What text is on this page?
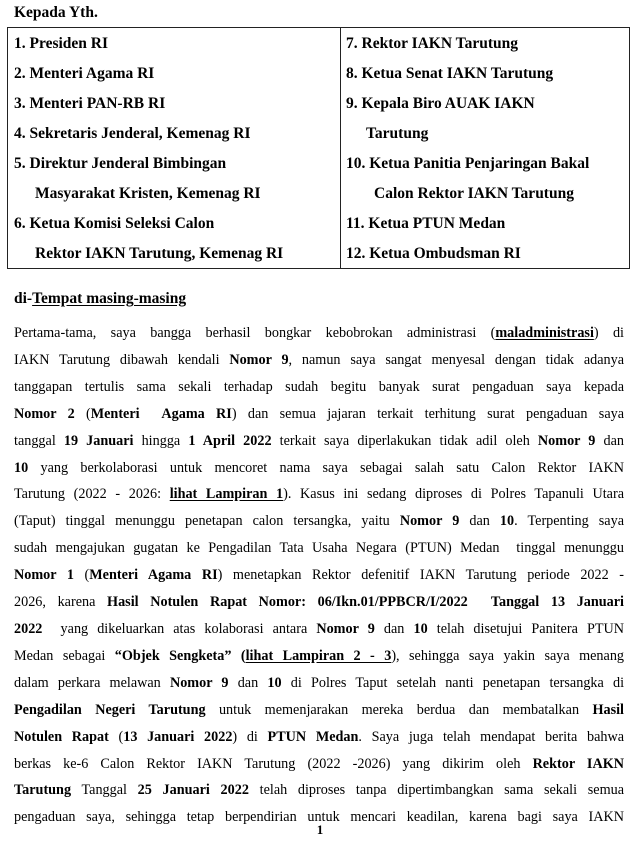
Kepada Yth.
1. Presiden RI
2. Menteri Agama RI
3. Menteri PAN-RB RI
4. Sekretaris Jenderal, Kemenag RI
5. Direktur Jenderal Bimbingan
Masyarakat Kristen, Kemenag RI
6. Ketua Komisi Seleksi Calon
Rektor IAKN Tarutung, Kemenag RI
7. Rektor IAKN Tarutung
8. Ketua Senat IAKN Tarutung
9. Kepala Biro AUAK IAKN
Tarutung
10. Ketua Panitia Penjaringan Bakal
Calon Rektor IAKN Tarutung
11. Ketua PTUN Medan
12. Ketua Ombudsman RI
di-Tempat masing-masing
Pertama-tama, saya bangga berhasil bongkar kebobrokan administrasi (maladministrasi) di
IAKN Tarutung dibawah kendali Nomor 9, namun saya sangat menyesal dengan tidak adanya
tanggapan tertulis sama sekali terhadap sudah begitu banyak surat pengaduan saya kepada
Nomor 2 (Menteri  Agama RI) dan semua jajaran terkait terhitung surat pengaduan saya
tanggal 19 Januari hingga 1 April 2022 terkait saya diperlakukan tidak adil oleh Nomor 9 dan
10 yang berkolaborasi untuk mencoret nama saya sebagai salah satu Calon Rektor IAKN
Tarutung (2022 - 2026: lihat Lampiran 1). Kasus ini sedang diproses di Polres Tapanuli Utara
(Taput) tinggal menunggu penetapan calon tersangka, yaitu Nomor 9 dan 10. Terpenting saya
sudah mengajukan gugatan ke Pengadilan Tata Usaha Negara (PTUN) Medan  tinggal menunggu
Nomor 1 (Menteri Agama RI) menetapkan Rektor defenitif IAKN Tarutung periode 2022 -
2026, karena Hasil Notulen Rapat Nomor: 06/Ikn.01/PPBCR/I/2022  Tanggal 13 Januari
2022  yang dikeluarkan atas kolaborasi antara Nomor 9 dan 10 telah disetujui Panitera PTUN
Medan sebagai “Objek Sengketa” (lihat Lampiran 2 - 3), sehingga saya yakin saya menang
dalam perkara melawan Nomor 9 dan 10 di Polres Taput setelah nanti penetapan tersangka di
Pengadilan Negeri Tarutung untuk memenjarakan mereka berdua dan membatalkan Hasil
Notulen Rapat (13 Januari 2022) di PTUN Medan. Saya juga telah mendapat berita bahwa
berkas ke-6 Calon Rektor IAKN Tarutung (2022 -2026) yang dikirim oleh Rektor IAKN
Tarutung Tanggal 25 Januari 2022 telah diproses tanpa dipertimbangkan sama sekali semua
pengaduan saya, sehingga tetap berpendirian untuk mencari keadilan, karena bagi saya IAKN
1
